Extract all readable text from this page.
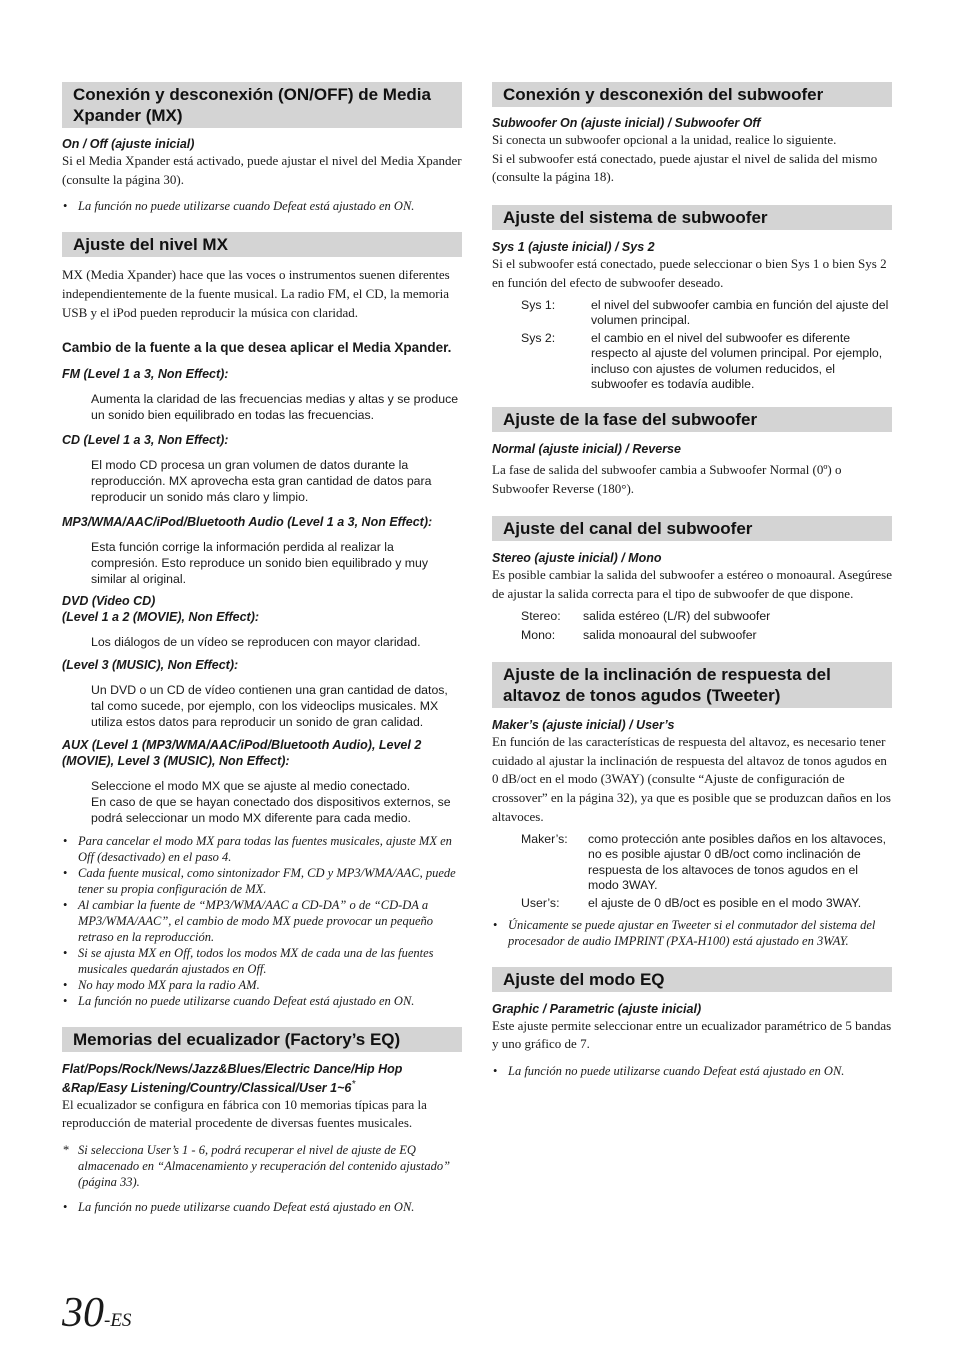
Conexión y desconexión (ON/OFF) de Media Xpander (MX)
On / Off (ajuste inicial)
Si el Media Xpander está activado, puede ajustar el nivel del Media Xpander (consulte la página 30).
• La función no puede utilizarse cuando Defeat está ajustado en ON.
Ajuste del nivel MX
MX (Media Xpander) hace que las voces o instrumentos suenen diferentes independientemente de la fuente musical. La radio FM, el CD, la memoria USB y el iPod pueden reproducir la música con claridad.
Cambio de la fuente a la que desea aplicar el Media Xpander.
FM (Level 1 a 3, Non Effect):
Aumenta la claridad de las frecuencias medias y altas y se produce un sonido bien equilibrado en todas las frecuencias.
CD (Level 1 a 3, Non Effect):
El modo CD procesa un gran volumen de datos durante la reproducción. MX aprovecha esta gran cantidad de datos para reproducir un sonido más claro y limpio.
MP3/WMA/AAC/iPod/Bluetooth Audio (Level 1 a 3, Non Effect):
Esta función corrige la información perdida al realizar la compresión. Esto reproduce un sonido bien equilibrado y muy similar al original.
DVD (Video CD)
(Level 1 a 2 (MOVIE), Non Effect):
Los diálogos de un vídeo se reproducen con mayor claridad.
(Level 3 (MUSIC), Non Effect):
Un DVD o un CD de vídeo contienen una gran cantidad de datos, tal como sucede, por ejemplo, con los videoclips musicales. MX utiliza estos datos para reproducir un sonido de gran calidad.
AUX (Level 1 (MP3/WMA/AAC/iPod/Bluetooth Audio), Level 2 (MOVIE), Level 3 (MUSIC), Non Effect):
Seleccione el modo MX que se ajuste al medio conectado.
En caso de que se hayan conectado dos dispositivos externos, se podrá seleccionar un modo MX diferente para cada medio.
• Para cancelar el modo MX para todas las fuentes musicales, ajuste MX en Off (desactivado) en el paso 4.
• Cada fuente musical, como sintonizador FM, CD y MP3/WMA/AAC, puede tener su propia configuración de MX.
• Al cambiar la fuente de “MP3/WMA/AAC a CD-DA” o de “CD-DA a MP3/WMA/AAC”, el cambio de modo MX puede provocar un pequeño retraso en la reproducción.
• Si se ajusta MX en Off, todos los modos MX de cada una de las fuentes musicales quedarán ajustados en Off.
• No hay modo MX para la radio AM.
• La función no puede utilizarse cuando Defeat está ajustado en ON.
Memorias del ecualizador (Factory’s EQ)
Flat/Pops/Rock/News/Jazz&Blues/Electric Dance/Hip Hop
&Rap/Easy Listening/Country/Classical/User 1~6*
El ecualizador se configura en fábrica con 10 memorias típicas para la reproducción de material procedente de diversas fuentes musicales.
* Si selecciona User’s 1 - 6, podrá recuperar el nivel de ajuste de EQ almacenado en “Almacenamiento y recuperación del contenido ajustado” (página 33).
• La función no puede utilizarse cuando Defeat está ajustado en ON.
Conexión y desconexión del subwoofer
Subwoofer On (ajuste inicial) / Subwoofer Off
Si conecta un subwoofer opcional a la unidad, realice lo siguiente.
Si el subwoofer está conectado, puede ajustar el nivel de salida del mismo (consulte la página 18).
Ajuste del sistema de subwoofer
Sys 1 (ajuste inicial) / Sys 2
Si el subwoofer está conectado, puede seleccionar o bien Sys 1 o bien Sys 2 en función del efecto de subwoofer deseado.
Sys 1:	el nivel del subwoofer cambia en función del ajuste del volumen principal.
Sys 2:	el cambio en el nivel del subwoofer es diferente respecto al ajuste del volumen principal. Por ejemplo, incluso con ajustes de volumen reducidos, el subwoofer es todavía audible.
Ajuste de la fase del subwoofer
Normal (ajuste inicial) / Reverse
La fase de salida del subwoofer cambia a Subwoofer Normal (0º) o Subwoofer Reverse (180°).
Ajuste del canal del subwoofer
Stereo (ajuste inicial) / Mono
Es posible cambiar la salida del subwoofer a estéreo o monoaural. Asegúrese de ajustar la salida correcta para el tipo de subwoofer de que dispone.
Stereo:	salida estéreo (L/R) del subwoofer
Mono:	salida monoaural del subwoofer
Ajuste de la inclinación de respuesta del altavoz de tonos agudos (Tweeter)
Maker’s (ajuste inicial) / User’s
En función de las características de respuesta del altavoz, es necesario tener cuidado al ajustar la inclinación de respuesta del altavoz de tonos agudos en 0 dB/oct en el modo (3WAY) (consulte “Ajuste de configuración de crossover” en la página 32), ya que es posible que se produzcan daños en los altavoces.
Maker’s:	como protección ante posibles daños en los altavoces, no es posible ajustar 0 dB/oct como inclinación de respuesta de los altavoces de tonos agudos en el modo 3WAY.
User’s:	el ajuste de 0 dB/oct es posible en el modo 3WAY.
• Únicamente se puede ajustar en Tweeter si el conmutador del sistema del procesador de audio IMPRINT (PXA-H100) está ajustado en 3WAY.
Ajuste del modo EQ
Graphic / Parametric (ajuste inicial)
Este ajuste permite seleccionar entre un ecualizador paramétrico de 5 bandas y uno gráfico de 7.
• La función no puede utilizarse cuando Defeat está ajustado en ON.
30-ES
